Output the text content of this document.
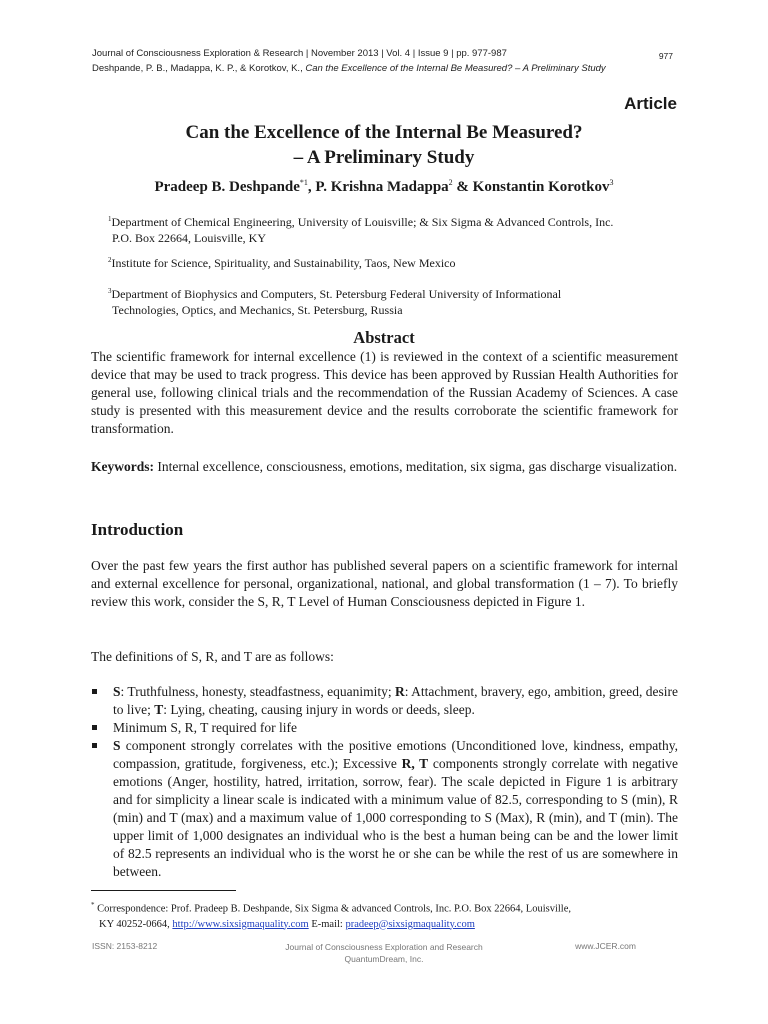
Journal of Consciousness Exploration & Research | November 2013 | Vol. 4 | Issue 9 | pp. 977-987
Deshpande, P. B., Madappa, K. P., & Korotkov, K., Can the Excellence of the Internal Be Measured? – A Preliminary Study
977
Article
Can the Excellence of the Internal Be Measured?
– A Preliminary Study
Pradeep B. Deshpande$^{*1}$, P. Krishna Madappa$^2$ & Konstantin Korotkov$^3$
$^1$Department of Chemical Engineering, University of Louisville; & Six Sigma & Advanced Controls, Inc.
P.O. Box 22664, Louisville, KY
$^2$Institute for Science, Spirituality, and Sustainability, Taos, New Mexico
$^3$Department of Biophysics and Computers, St. Petersburg Federal University of Informational
Technologies, Optics, and Mechanics, St. Petersburg, Russia
Abstract
The scientific framework for internal excellence (1) is reviewed in the context of a scientific measurement device that may be used to track progress. This device has been approved by Russian Health Authorities for general use, following clinical trials and the recommendation of the Russian Academy of Sciences. A case study is presented with this measurement device and the results corroborate the scientific framework for transformation.
Keywords: Internal excellence, consciousness, emotions, meditation, six sigma, gas discharge visualization.
Introduction
Over the past few years the first author has published several papers on a scientific framework for internal and external excellence for personal, organizational, national, and global transformation (1 – 7). To briefly review this work, consider the S, R, T Level of Human Consciousness depicted in Figure 1.
The definitions of S, R, and T are as follows:
S: Truthfulness, honesty, steadfastness, equanimity; R: Attachment, bravery, ego, ambition, greed, desire to live; T: Lying, cheating, causing injury in words or deeds, sleep.
Minimum S, R, T required for life
S component strongly correlates with the positive emotions (Unconditioned love, kindness, empathy, compassion, gratitude, forgiveness, etc.); Excessive R, T components strongly correlate with negative emotions (Anger, hostility, hatred, irritation, sorrow, fear). The scale depicted in Figure 1 is arbitrary and for simplicity a linear scale is indicated with a minimum value of 82.5, corresponding to S (min), R (min) and T (max) and a maximum value of 1,000 corresponding to S (Max), R (min), and T (min). The upper limit of 1,000 designates an individual who is the best a human being can be and the lower limit of 82.5 represents an individual who is the worst he or she can be while the rest of us are somewhere in between.
* Correspondence: Prof. Pradeep B. Deshpande, Six Sigma & advanced Controls, Inc. P.O. Box 22664, Louisville,
KY 40252-0664, http://www.sixsigmaquality.com E-mail: pradeep@sixsigmaquality.com
ISSN: 2153-8212	Journal of Consciousness Exploration and Research
QuantumDream, Inc.
www.JCER.com
